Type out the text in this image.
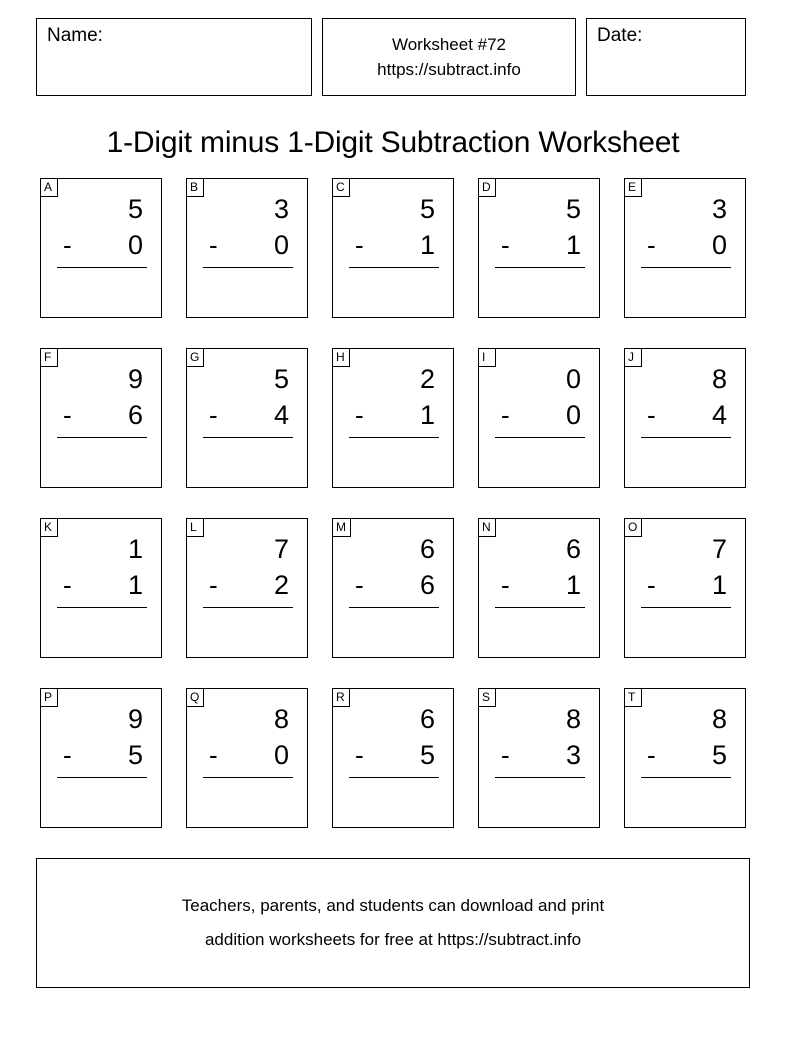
Name:	Worksheet #72
https://subtract.info
Date:
1-Digit minus 1-Digit Subtraction Worksheet
A
5
- 0
B
3
- 0
C
5
- 1
D
5
- 1
E
3
- 0
F
9
- 6
G
5
- 4
H
2
- 1
I
0
- 0
J
8
- 4
K
1
- 1
L
7
- 2
M
6
- 6
N
6
- 1
O
7
- 1
P
9
- 5
Q
8
- 0
R
6
- 5
S
8
- 3
T
8
- 5
Teachers, parents, and students can download and print
addition worksheets for free at https://subtract.info
